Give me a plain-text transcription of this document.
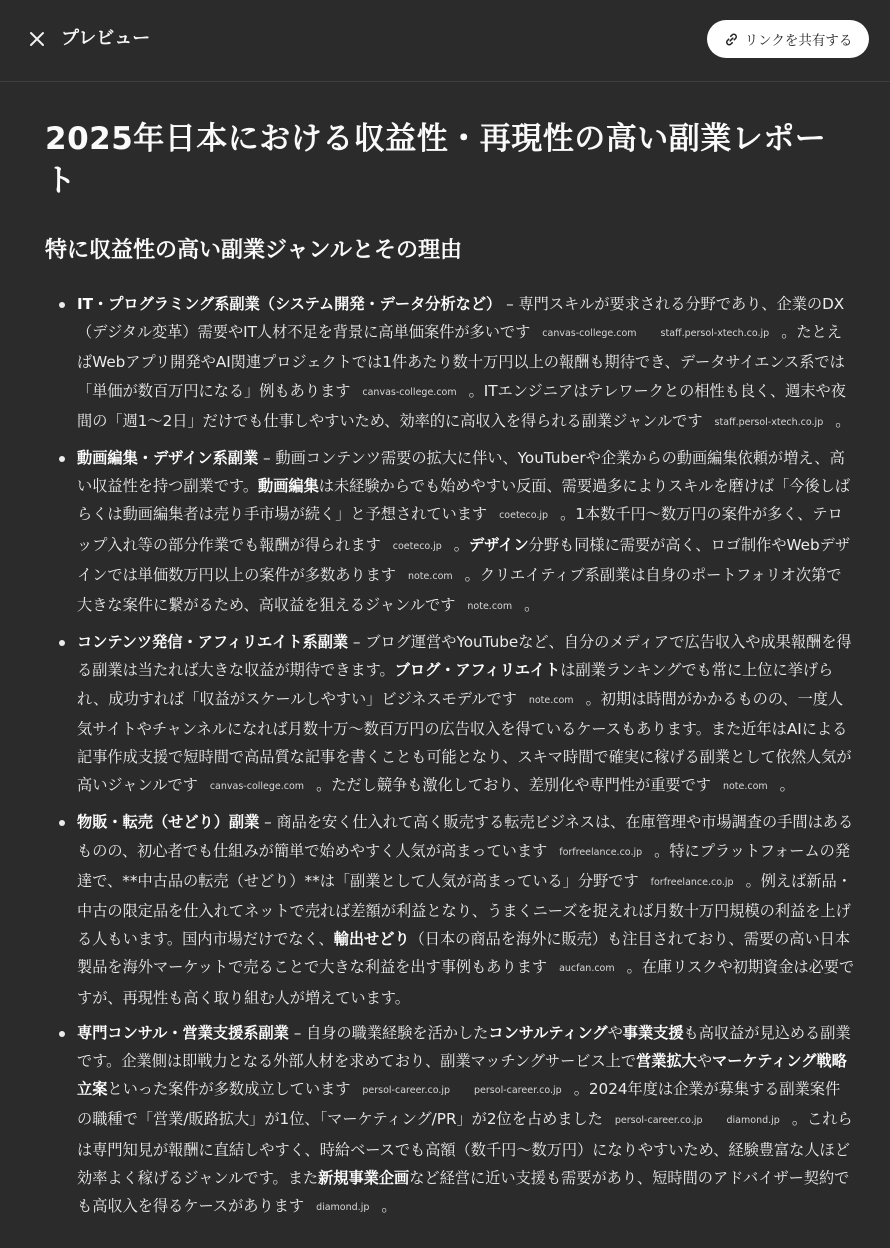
プレビュー	リンクを共有する
2025年日本における収益性・再現性の高い副業レポート
特に収益性の高い副業ジャンルとその理由
IT・プログラミング系副業（システム開発・データ分析など） – 専門スキルが要求される分野であり、企業のDX（デジタル変革）需要やIT人材不足を背景に高単価案件が多いです canvas-college.com	staff.persol-xtech.co.jp 。たとえばWebアプリ開発やAI関連プロジェクトでは1件あたり数十万円以上の報酬も期待でき、データサイエンス系では「単価が数百万円になる」例もあります canvas-college.com 。ITエンジニアはテレワークとの相性も良く、週末や夜間の「週1〜2日」だけでも仕事しやすいため、効率的に高収入を得られる副業ジャンルです staff.persol-xtech.co.jp 。
動画編集・デザイン系副業 – 動画コンテンツ需要の拡大に伴い、YouTuberや企業からの動画編集依頼が増え、高い収益性を持つ副業です。動画編集は未経験からでも始めやすい反面、需要過多によりスキルを磨けば「今後しばらくは動画編集者は売り手市場が続く」と予想されています coeteco.jp 。1本数千円〜数万円の案件が多く、テロップ入れ等の部分作業でも報酬が得られます coeteco.jp 。デザイン分野も同様に需要が高く、ロゴ制作やWebデザインでは単価数万円以上の案件が多数あります note.com 。クリエイティブ系副業は自身のポートフォリオ次第で大きな案件に繋がるため、高収益を狙えるジャンルです note.com 。
コンテンツ発信・アフィリエイト系副業 – ブログ運営やYouTubeなど、自分のメディアで広告収入や成果報酬を得る副業は当たれば大きな収益が期待できます。ブログ・アフィリエイトは副業ランキングでも常に上位に挙げられ、成功すれば「収益がスケールしやすい」ビジネスモデルです note.com 。初期は時間がかかるものの、一度人気サイトやチャンネルになれば月数十万〜数百万円の広告収入を得ているケースもあります。また近年はAIによる記事作成支援で短時間で高品質な記事を書くことも可能となり、スキマ時間で確実に稼げる副業として依然人気が高いジャンルです canvas-college.com 。ただし競争も激化しており、差別化や専門性が重要です note.com 。
物販・転売（せどり）副業 – 商品を安く仕入れて高く販売する転売ビジネスは、在庫管理や市場調査の手間はあるものの、初心者でも仕組みが簡単で始めやすく人気が高まっています forfreelance.co.jp 。特にプラットフォームの発達で、**中古品の転売（せどり）**は「副業として人気が高まっている」分野です forfreelance.co.jp 。例えば新品・中古の限定品を仕入れてネットで売れば差額が利益となり、うまくニーズを捉えれば月数十万円規模の利益を上げる人もいます。国内市場だけでなく、輸出せどり（日本の商品を海外に販売）も注目されており、需要の高い日本製品を海外マーケットで売ることで大きな利益を出す事例もあります aucfan.com 。在庫リスクや初期資金は必要ですが、再現性も高く取り組む人が増えています。
専門コンサル・営業支援系副業 – 自身の職業経験を活かしたコンサルティングや事業支援も高収益が見込める副業です。企業側は即戦力となる外部人材を求めており、副業マッチングサービス上で営業拡大やマーケティング戦略立案といった案件が多数成立しています persol-career.co.jp	persol-career.co.jp 。2024年度は企業が募集する副業案件の職種で「営業/販路拡大」が1位、「マーケティング/PR」が2位を占めました persol-career.co.jp	diamond.jp 。これらは専門知見が報酬に直結しやすく、時給ベースでも高額（数千円〜数万円）になりやすいため、経験豊富な人ほど効率よく稼げるジャンルです。また新規事業企画など経営に近い支援も需要があり、短時間のアドバイザー契約でも高収入を得るケースがあります diamond.jp 。
